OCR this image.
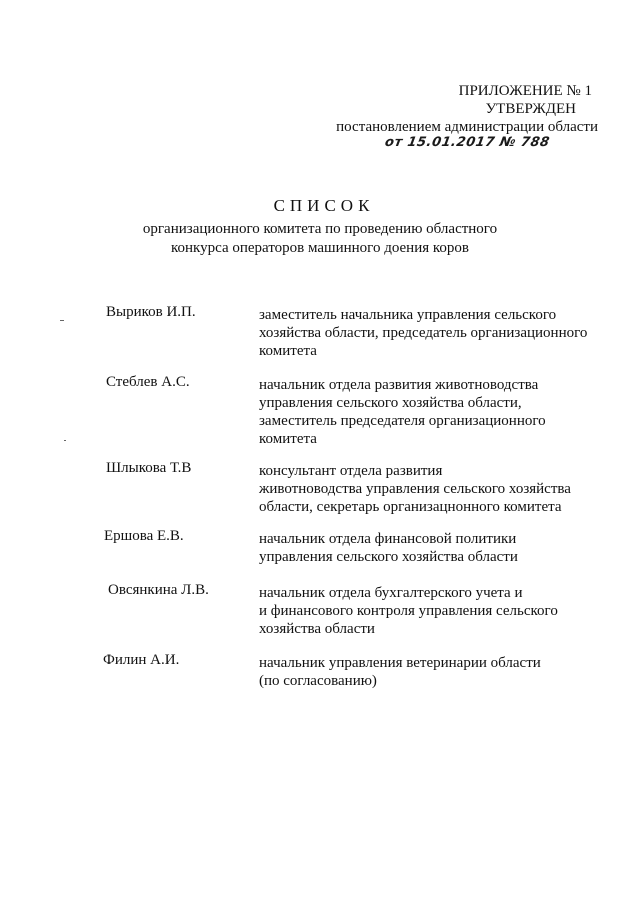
ПРИЛОЖЕНИЕ № 1
УТВЕРЖДЕН
постановлением администрации области
от 15.01.2017 № 788
СПИСОК
организационного комитета по проведению областного
конкурса операторов машинного доения коров
Выриков И.П.	заместитель начальника управления сельского
хозяйства области, председатель организационного
комитета
Стеблев А.С.	начальник отдела развития животноводства
управления сельского хозяйства области,
заместитель председателя организационного
комитета
Шлыкова Т.В	консультант отдела развития
животноводства управления сельского хозяйства
области, секретарь организацнонного комитета
Ершова Е.В.	начальник отдела финансовой политики
управления сельского хозяйства области
Овсянкина Л.В.	начальник отдела бухгалтерского учета и
и финансового контроля управления сельского
хозяйства области
Филин А.И.	начальник управления ветеринарии области
(по согласованию)
